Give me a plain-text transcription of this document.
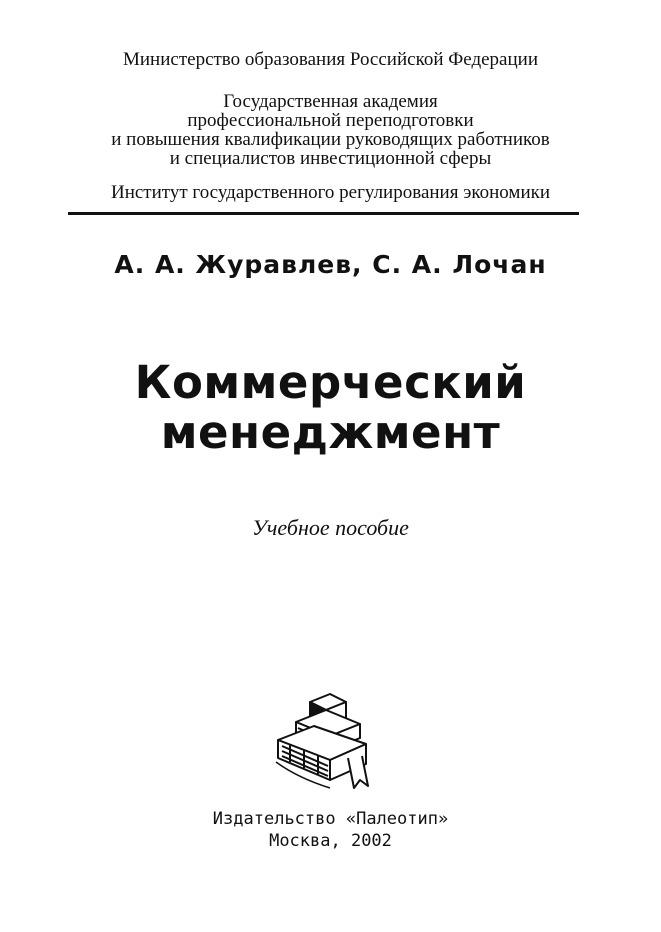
Министерство образования Российской Федерации
Государственная академия
профессиональной переподготовки
и повышения квалификации руководящих работников
и специалистов инвестиционной сферы
Институт государственного регулирования экономики
А. А. Журавлев, С. А. Лочан
Коммерческий
менеджмент
Учебное пособие
Издательство «Палеотип»
Москва, 2002
